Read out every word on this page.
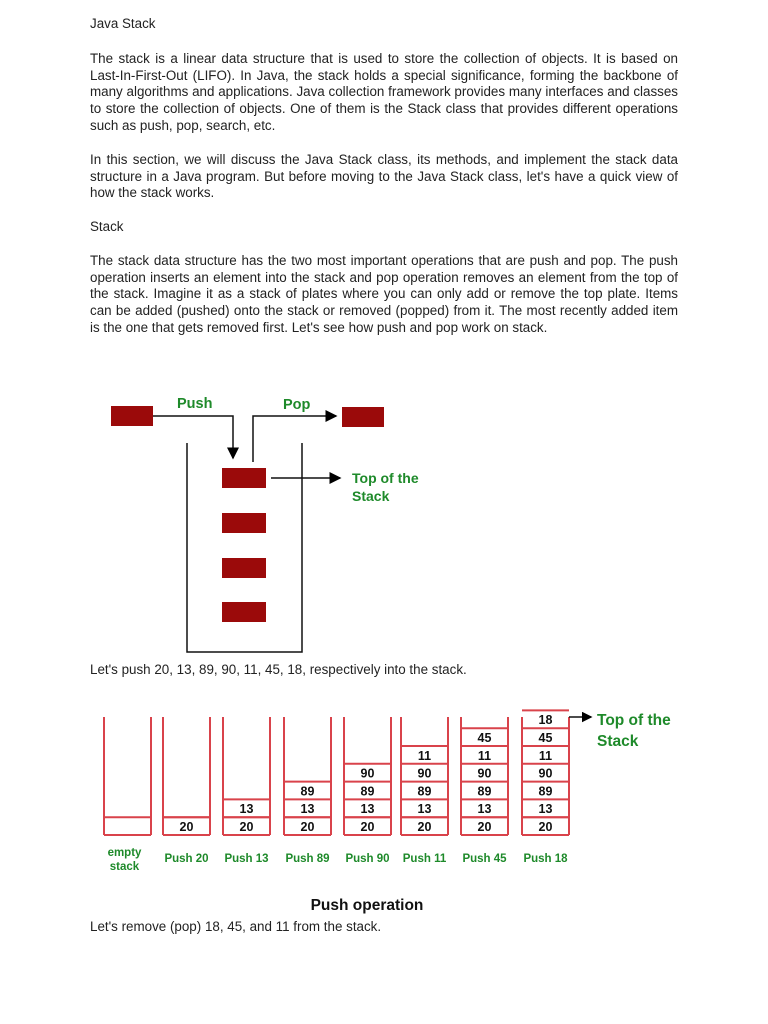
Java Stack
The stack is a linear data structure that is used to store the collection of objects. It is based on Last-In-First-Out (LIFO). In Java, the stack holds a special significance, forming the backbone of many algorithms and applications. Java collection framework provides many interfaces and classes to store the collection of objects. One of them is the Stack class that provides different operations such as push, pop, search, etc.
In this section, we will discuss the Java Stack class, its methods, and implement the stack data structure in a Java program. But before moving to the Java Stack class, let's have a quick view of how the stack works.
Stack
The stack data structure has the two most important operations that are push and pop. The push operation inserts an element into the stack and pop operation removes an element from the top of the stack. Imagine it as a stack of plates where you can only add or remove the top plate. Items can be added (pushed) onto the stack or removed (popped) from it. The most recently added item is the one that gets removed first. Let's see how push and pop work on stack.
Push	Pop
Top of the
Stack
Let's push 20, 13, 89, 90, 11, 45, 18, respectively into the stack.
empty
stack
20
Push 20
20
13
Push 13
20
13
89
Push 89
20
13
89
90
Push 90
20
13
89
90
11
Push 11
20
13
89
90
11
45
Push 45
20
13
89
90
11
45
18
Push 18
Top of the
Stack
Push operation
Let's remove (pop) 18, 45, and 11 from the stack.
